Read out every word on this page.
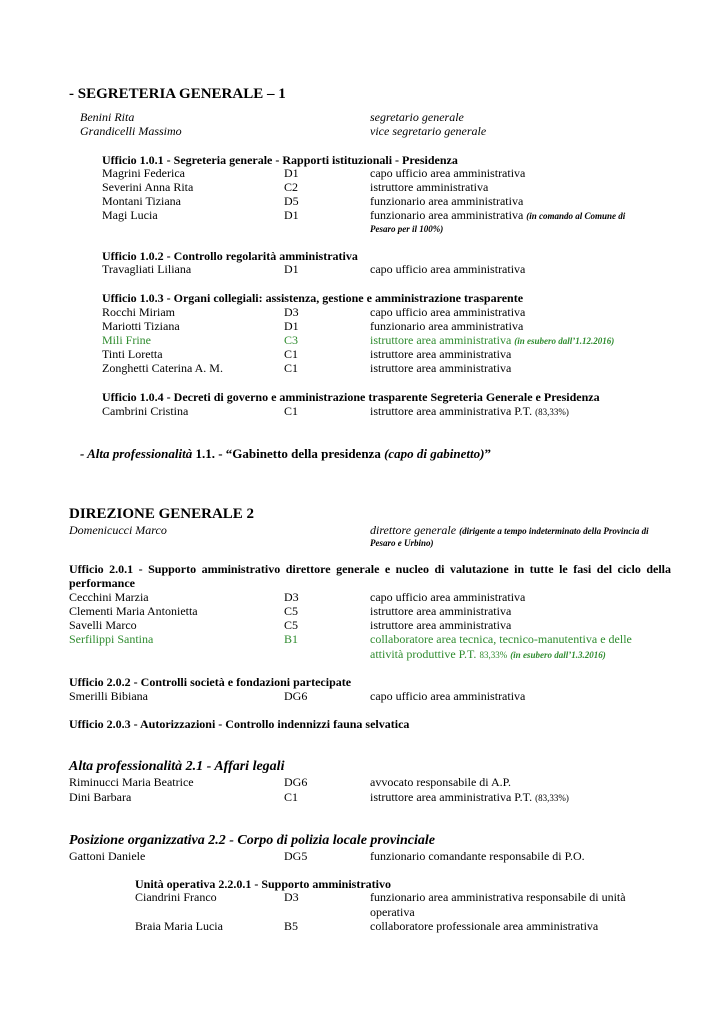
- SEGRETERIA GENERALE – 1
Benini Rita	segretario generale
Grandicelli Massimo	vice segretario generale
Ufficio 1.0.1 - Segreteria generale - Rapporti istituzionali - Presidenza
Magrini Federica	D1	capo ufficio area amministrativa
Severini Anna Rita	C2	istruttore amministrativa
Montani Tiziana	D5	funzionario area amministrativa
Magi Lucia	D1	funzionario area amministrativa (in comando al Comune di
Pesaro per il 100%)
Ufficio 1.0.2 - Controllo regolarità amministrativa
Travagliati Liliana	D1	capo ufficio area amministrativa
Ufficio 1.0.3 - Organi collegiali: assistenza, gestione e amministrazione trasparente
Rocchi Miriam	D3	capo ufficio area amministrativa
Mariotti Tiziana	D1	funzionario area amministrativa
Mili Frine	C3	istruttore area amministrativa (in esubero dall’1.12.2016)
Tinti Loretta	C1	istruttore area amministrativa
Zonghetti Caterina A. M.	C1	istruttore area amministrativa
Ufficio 1.0.4 - Decreti di governo e amministrazione trasparente Segreteria Generale e Presidenza
Cambrini Cristina	C1	istruttore area amministrativa P.T. (83,33%)
- Alta professionalità 1.1. - “Gabinetto della presidenza (capo di gabinetto)”
DIREZIONE GENERALE 2
Domenicucci Marco	direttore generale (dirigente a tempo indeterminato della Provincia di
Pesaro e Urbino)
Ufficio 2.0.1 - Supporto amministrativo direttore generale e nucleo di valutazione in tutte le fasi del ciclo della
performance
Cecchini Marzia	D3	capo ufficio area amministrativa
Clementi Maria Antonietta	C5	istruttore area amministrativa
Savelli Marco	C5	istruttore area amministrativa
Serfilippi Santina	B1	collaboratore area tecnica, tecnico-manutentiva e delle
attività produttive P.T. 83,33% (in esubero dall’1.3.2016)
Ufficio 2.0.2 - Controlli società e fondazioni partecipate
Smerilli Bibiana	DG6	capo ufficio area amministrativa
Ufficio 2.0.3 - Autorizzazioni - Controllo indennizzi fauna selvatica
Alta professionalità 2.1 - Affari legali
Riminucci Maria Beatrice	DG6	avvocato responsabile di A.P.
Dini Barbara	C1	istruttore area amministrativa P.T. (83,33%)
Posizione organizzativa 2.2 - Corpo di polizia locale provinciale
Gattoni Daniele	DG5	funzionario comandante responsabile di P.O.
Unità operativa 2.2.0.1 - Supporto amministrativo
Ciandrini Franco	D3	funzionario area amministrativa responsabile di unità
operativa
Braia Maria Lucia	B5	collaboratore professionale area amministrativa
